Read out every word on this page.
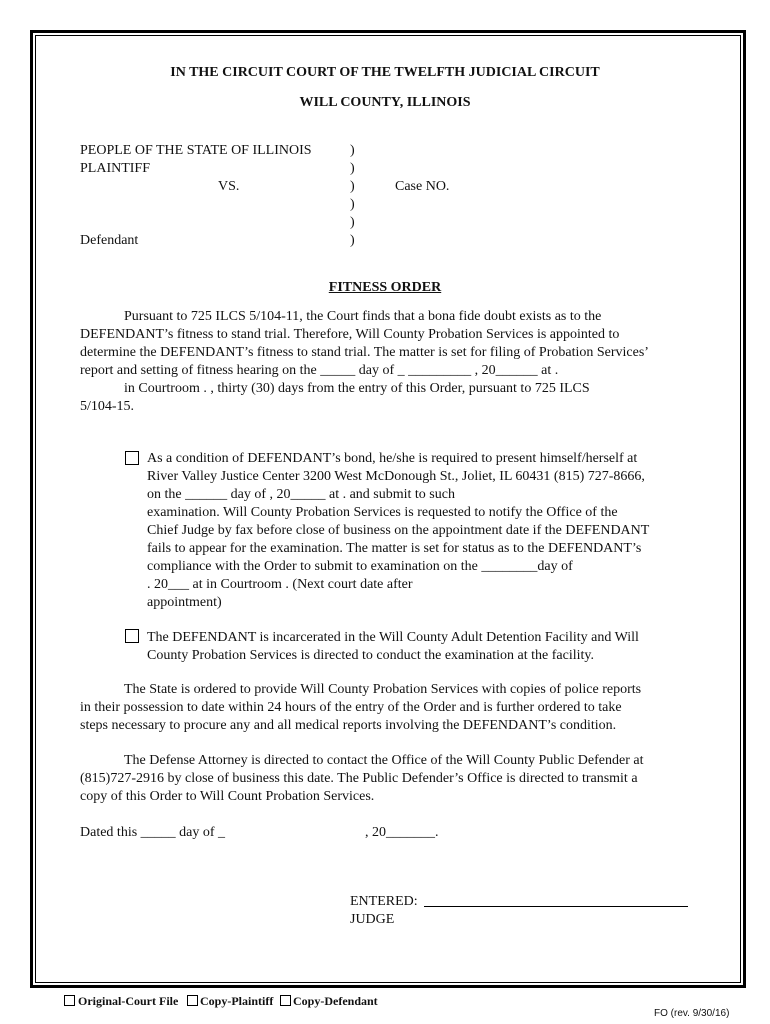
IN THE CIRCUIT COURT OF THE TWELFTH JUDICIAL CIRCUIT
WILL COUNTY, ILLINOIS
PEOPLE OF THE STATE OF ILLINOIS
PLAINTIFF
VS.
Defendant
)
)
)
)
)
)
Case NO.
FITNESS ORDER
Pursuant to 725 ILCS 5/104-11, the Court finds that a bona fide doubt exists as to the
DEFENDANT’s fitness to stand trial. Therefore, Will County Probation Services is appointed to
determine the DEFENDANT’s fitness to stand trial. The matter is set for filing of Probation Services’
report and setting of fitness hearing on the _____ day of _ _________ , 20______ at .
in Courtroom . , thirty (30) days from the entry of this Order, pursuant to 725 ILCS
5/104-15.
As a condition of DEFENDANT’s bond, he/she is required to present himself/herself at
River Valley Justice Center 3200 West McDonough St., Joliet, IL 60431 (815) 727-8666,
on the ______ day of , 20_____ at . and submit to such
examination. Will County Probation Services is requested to notify the Office of the
Chief Judge by fax before close of business on the appointment date if the DEFENDANT
fails to appear for the examination. The matter is set for status as to the DEFENDANT’s
compliance with the Order to submit to examination on the ________day of
. 20___ at in Courtroom . (Next court date after
appointment)
The DEFENDANT is incarcerated in the Will County Adult Detention Facility and Will
County Probation Services is directed to conduct the examination at the facility.
The State is ordered to provide Will County Probation Services with copies of police reports
in their possession to date within 24 hours of the entry of the Order and is further ordered to take
steps necessary to procure any and all medical reports involving the DEFENDANT’s condition.
The Defense Attorney is directed to contact the Office of the Will County Public Defender at
(815)727-2916 by close of business this date. The Public Defender’s Office is directed to transmit a
copy of this Order to Will Count Probation Services.
Dated this _____ day of _	, 20_______.
ENTERED:
JUDGE
Original-Court File Copy-Plaintiff Copy-Defendant
FO (rev. 9/30/16)
